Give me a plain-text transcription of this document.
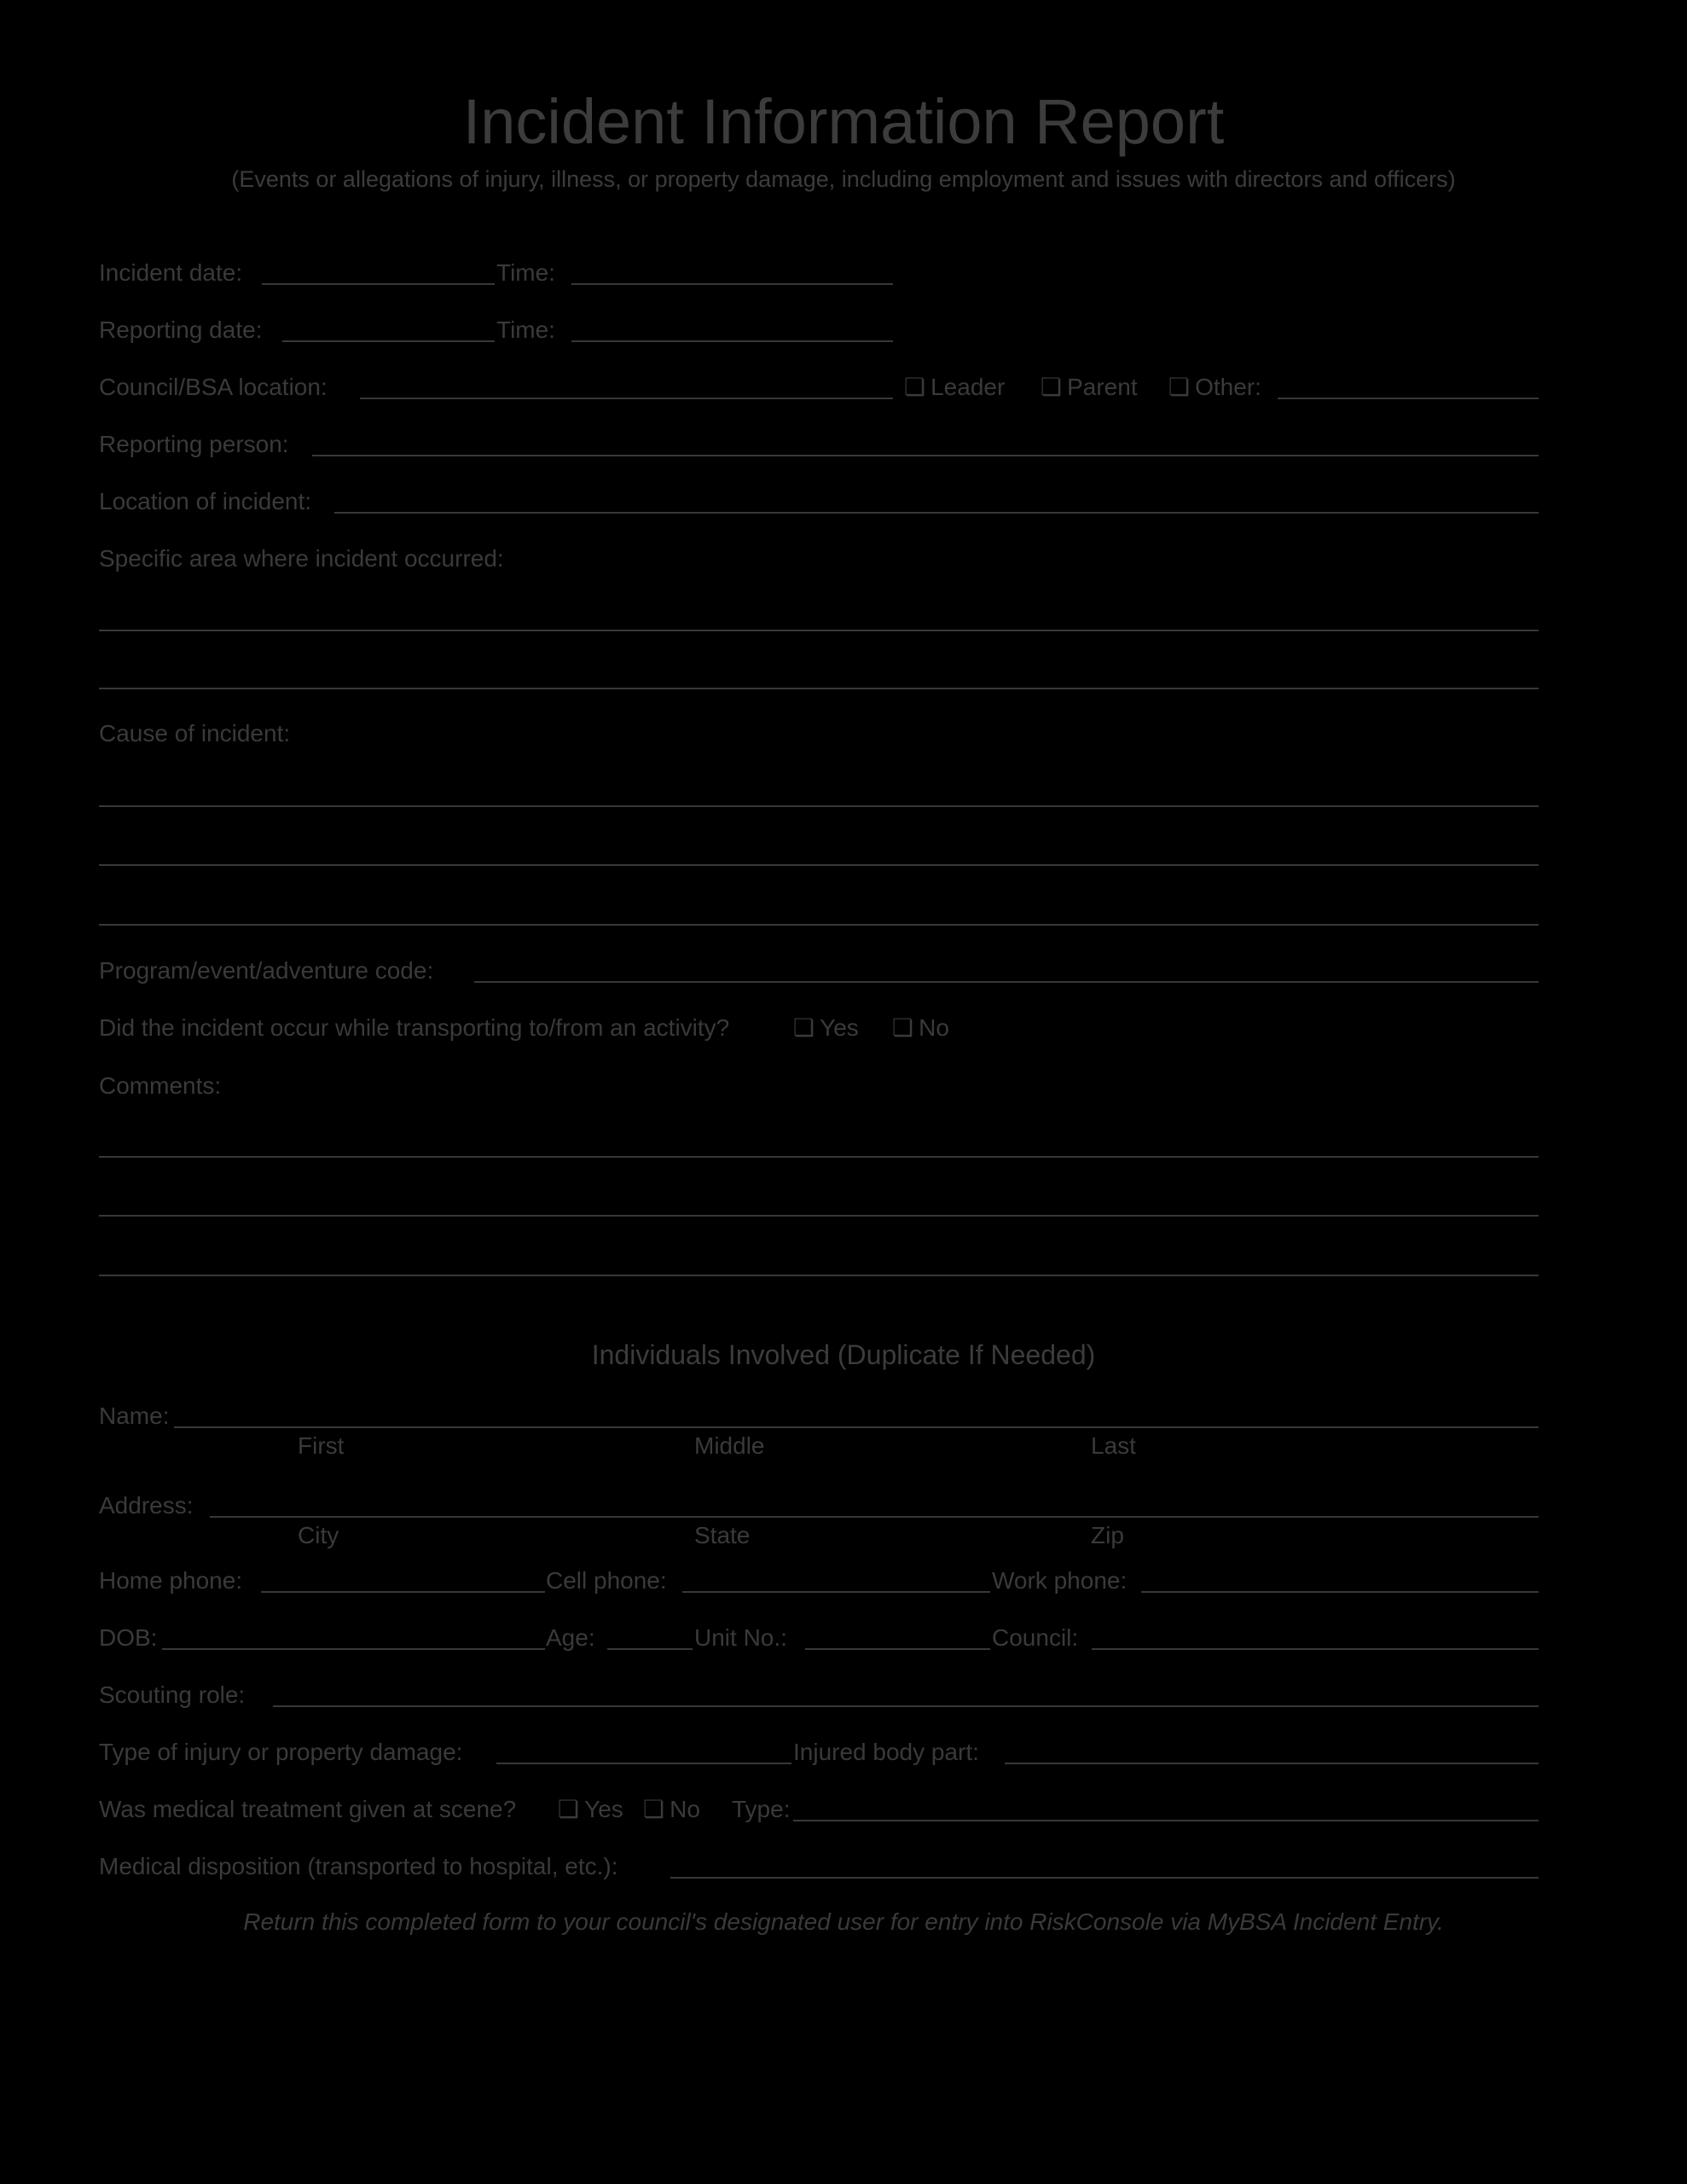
Incident Information Report
(Events or allegations of injury, illness, or property damage, including employment and issues with directors and officers)
Incident date:	Time:
Reporting date:	Time:
Council/BSA location:	❏ Leader ❏ Parent ❏ Other:
Reporting person:
Location of incident:
Specific area where incident occurred:
Cause of incident:
Program/event/adventure code:
Did the incident occur while transporting to/from an activity?	❏ Yes ❏ No
Comments:
Individuals Involved (Duplicate If Needed)
Name:
First	Middle	Last
Address:
City	State	Zip
Home phone:	Cell phone:	Work phone:
DOB:	Age:	Unit No.:	Council:
Scouting role:
Type of injury or property damage:	Injured body part:
Was medical treatment given at scene? ❏ Yes ❏ No Type:
Medical disposition (transported to hospital, etc.):
Return this completed form to your council's designated user for entry into RiskConsole via MyBSA Incident Entry.
